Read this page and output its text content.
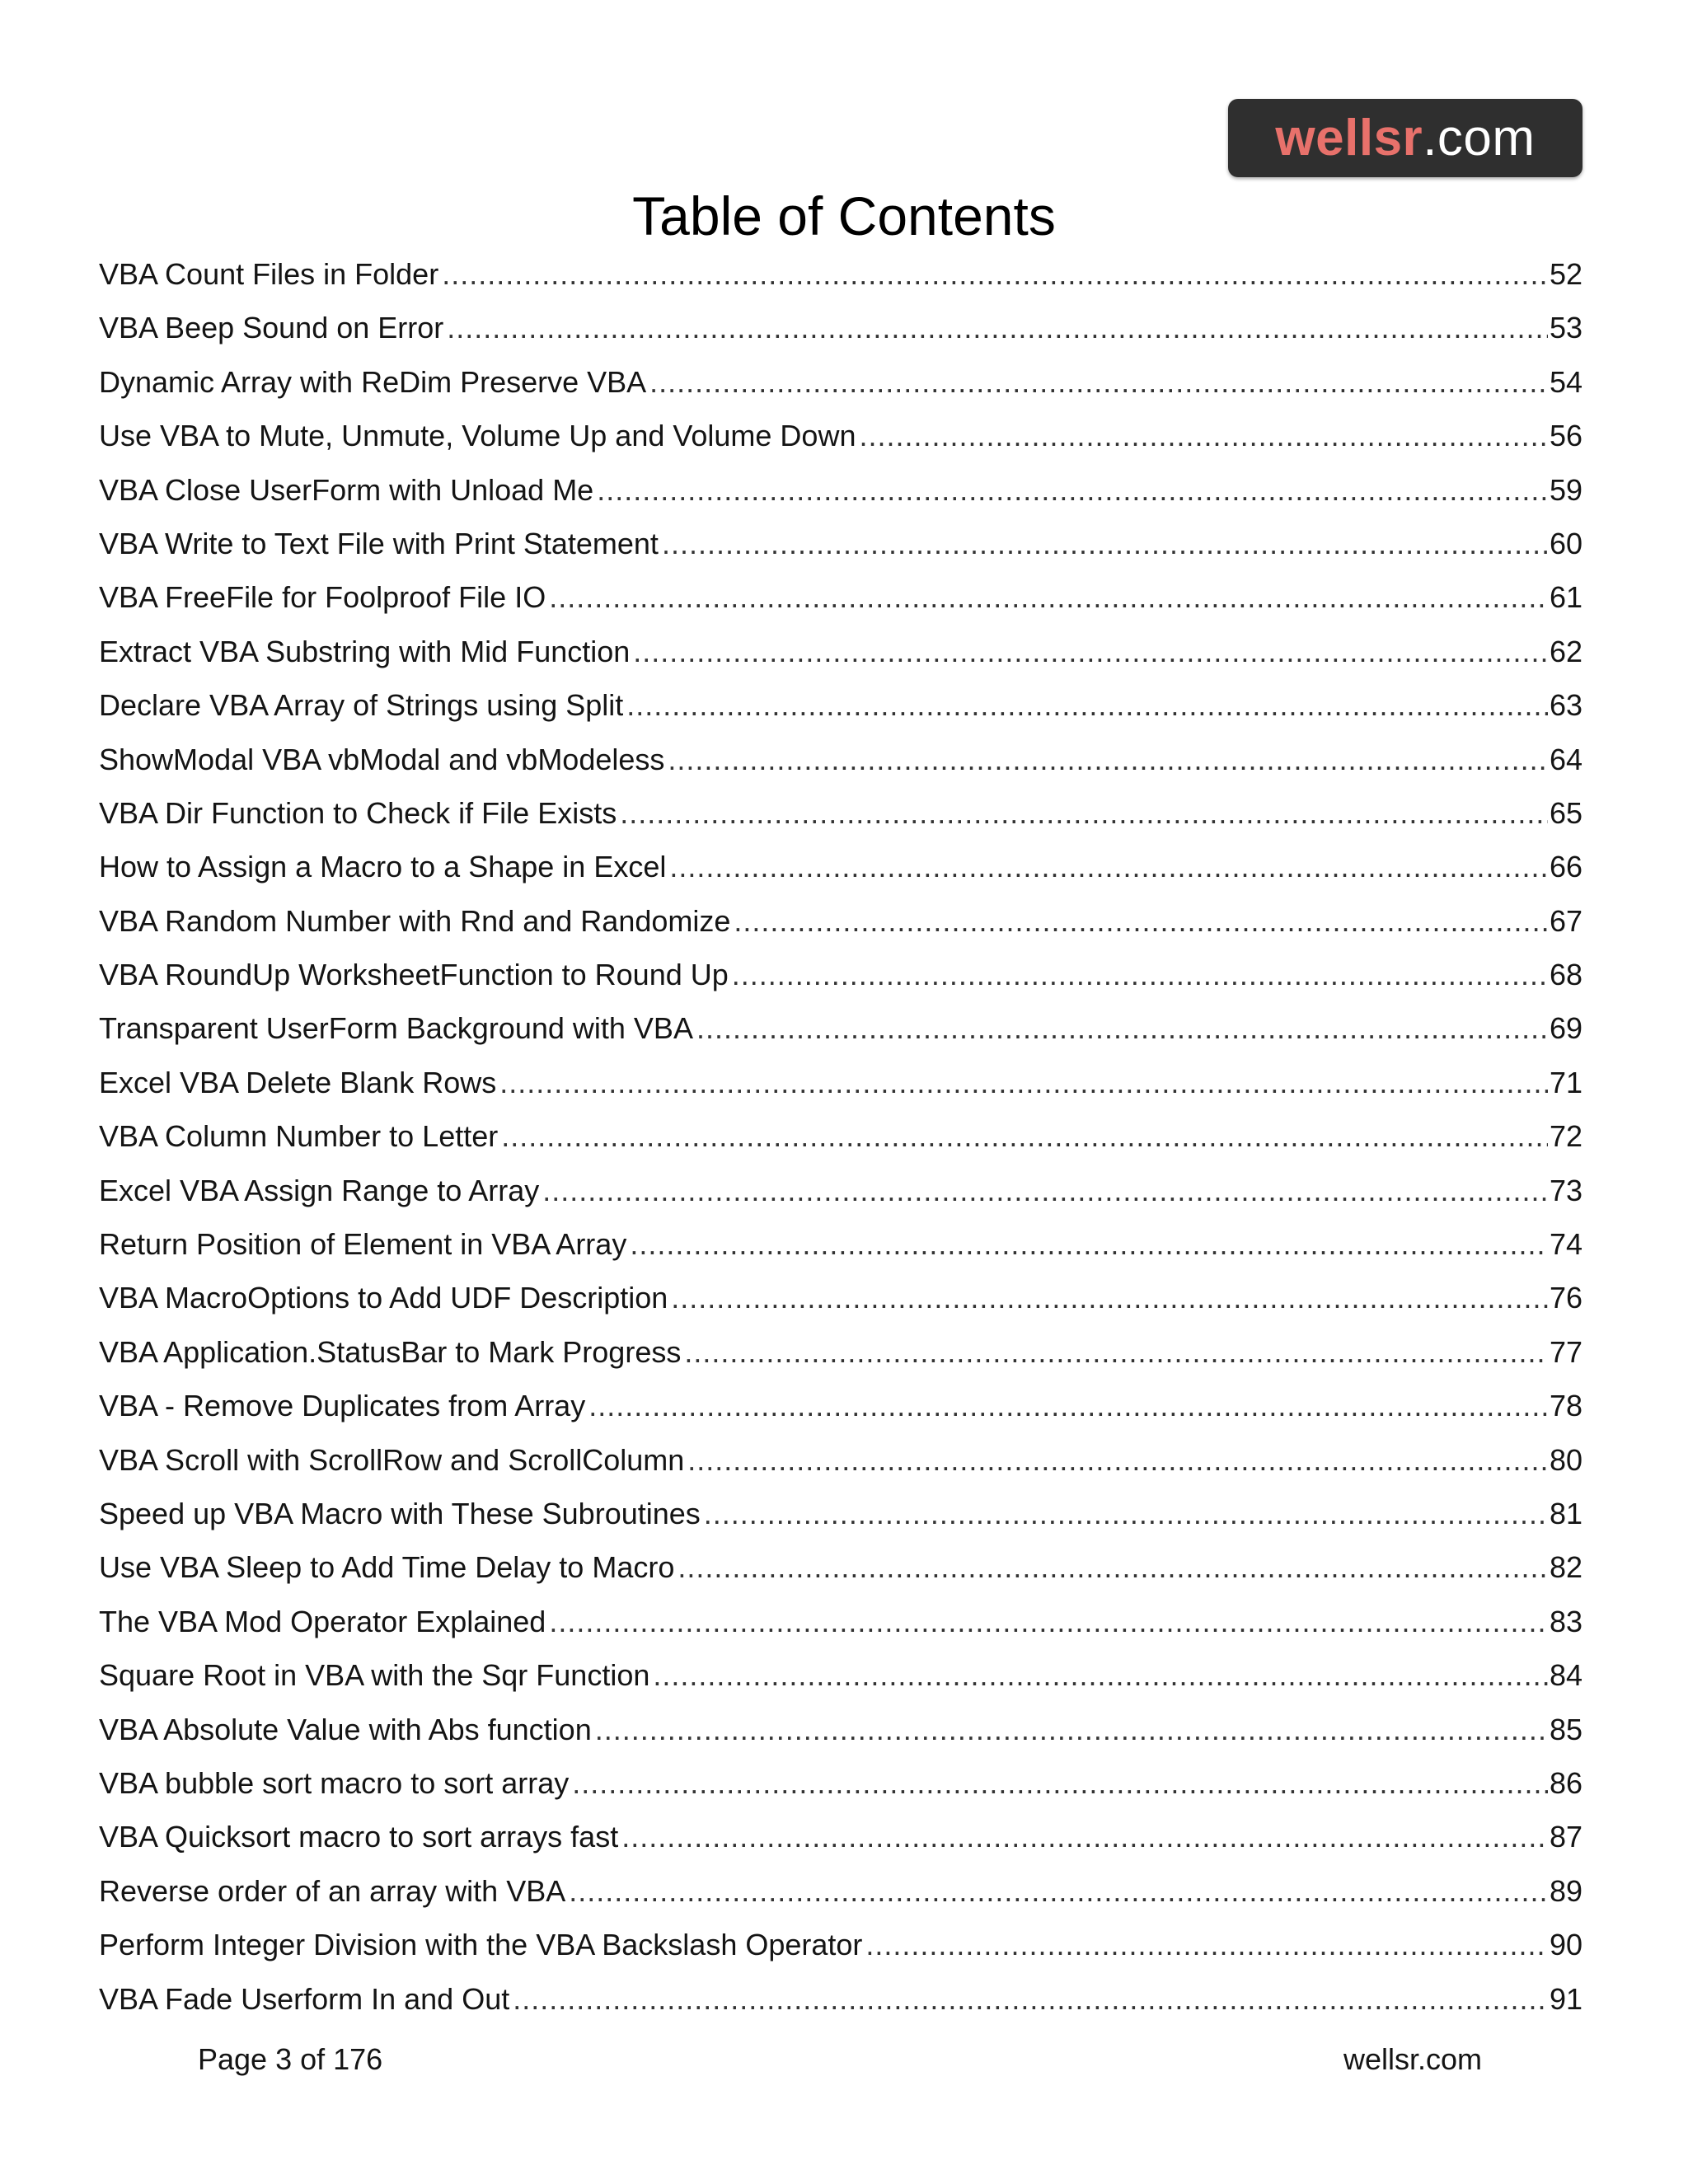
wellsr .com
Table of Contents
VBA Count Files in Folder .....	52
VBA Beep Sound on Error .....	53
Dynamic Array with ReDim Preserve VBA .....	54
Use VBA to Mute, Unmute, Volume Up and Volume Down .....	56
VBA Close UserForm with Unload Me .....	59
VBA Write to Text File with Print Statement .....	60
VBA FreeFile for Foolproof File IO .....	61
Extract VBA Substring with Mid Function .....	62
Declare VBA Array of Strings using Split .....	63
ShowModal VBA vbModal and vbModeless .....	64
VBA Dir Function to Check if File Exists .....	65
How to Assign a Macro to a Shape in Excel .....	66
VBA Random Number with Rnd and Randomize .....	67
VBA RoundUp WorksheetFunction to Round Up .....	68
Transparent UserForm Background with VBA .....	69
Excel VBA Delete Blank Rows .....	71
VBA Column Number to Letter .....	72
Excel VBA Assign Range to Array .....	73
Return Position of Element in VBA Array .....	74
VBA MacroOptions to Add UDF Description .....	76
VBA Application.StatusBar to Mark Progress .....	77
VBA - Remove Duplicates from Array .....	78
VBA Scroll with ScrollRow and ScrollColumn .....	80
Speed up VBA Macro with These Subroutines .....	81
Use VBA Sleep to Add Time Delay to Macro .....	82
The VBA Mod Operator Explained .....	83
Square Root in VBA with the Sqr Function .....	84
VBA Absolute Value with Abs function .....	85
VBA bubble sort macro to sort array .....	86
VBA Quicksort macro to sort arrays fast .....	87
Reverse order of an array with VBA .....	89
Perform Integer Division with the VBA Backslash Operator .....	90
VBA Fade Userform In and Out .....	91
Page 3 of 176	wellsr.com
